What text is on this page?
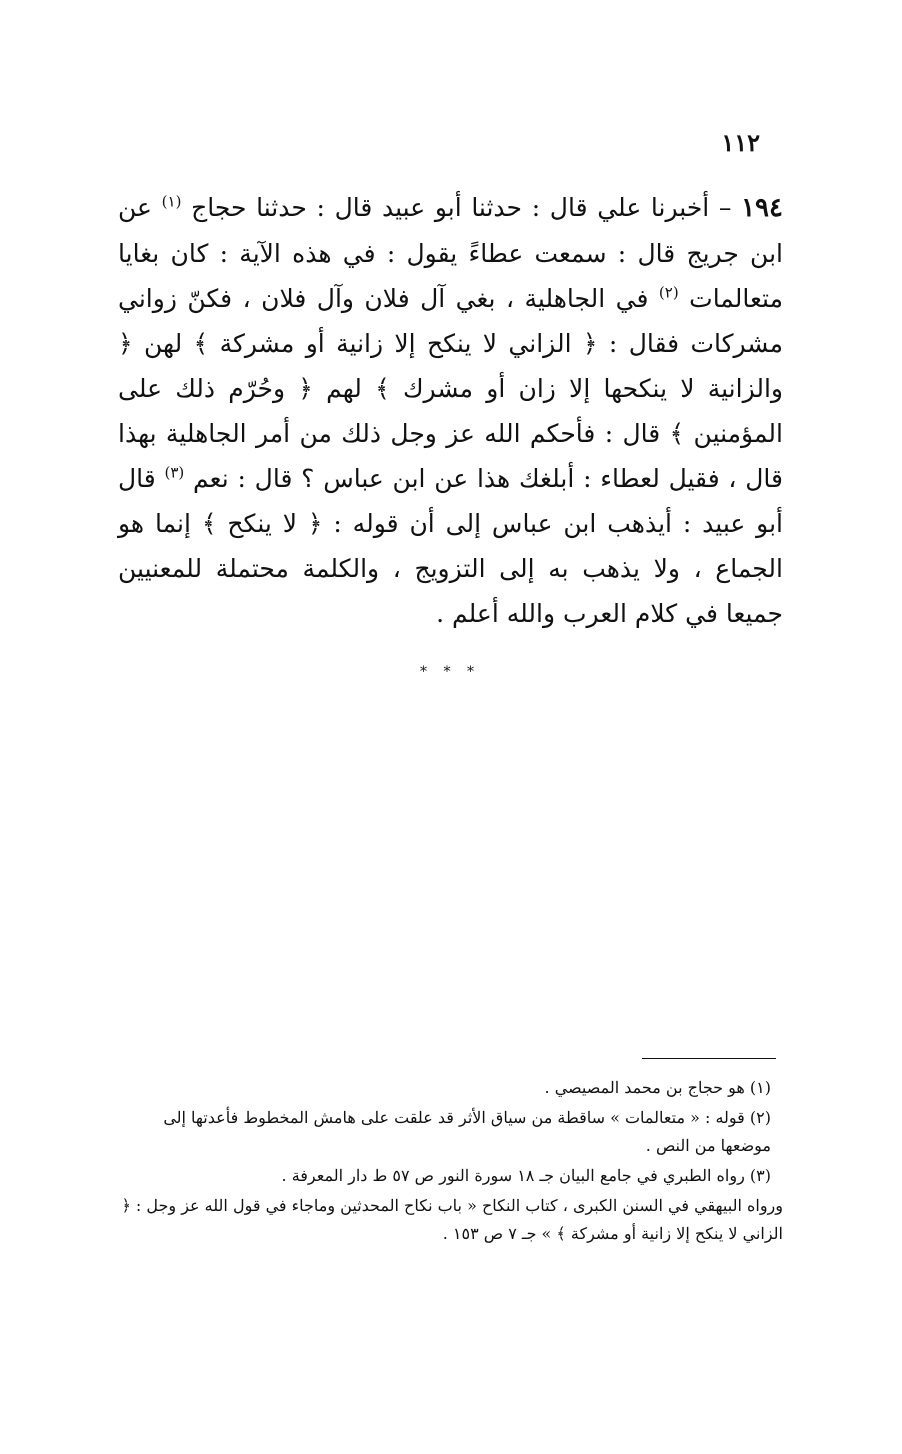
١١٢

١٩٤ – أخبرنا علي قال : حدثنا أبو عبيد قال : حدثنا حجاج $^{(١)}$ عن ابن جريج قال : سمعت عطاءً يقول : في هذه الآية : كان بغايا متعالمات $^{(٢)}$ في الجاهلية ، بغي آل فلان وآل فلان ، فكنّ زواني مشركات فقال : ﴿ الزاني لا ينكح إلا زانية أو مشركة ﴾ لهن ﴿ والزانية لا ينكحها إلا زان أو مشرك ﴾ لهم ﴿ وحُرّم ذلك على المؤمنين ﴾ قال : فأحكم الله عز وجل ذلك من أمر الجاهلية بهذا قال ، فقيل لعطاء : أبلغك هذا عن ابن عباس ؟ قال : نعم $^{(٣)}$ قال أبو عبيد : أيذهب ابن عباس إلى أن قوله : ﴿ لا ينكح ﴾ إنما هو الجماع ، ولا يذهب به إلى التزويج ، والكلمة محتملة للمعنيين جميعا في كلام العرب والله أعلم .

* * *

(١) هو حجاج بن محمد المصيصي .

(٢) قوله : « متعالمات » ساقطة من سياق الأثر قد علقت على هامش المخطوط فأعدتها إلى موضعها من النص .

(٣) رواه الطبري في جامع البيان جـ ١٨ سورة النور ص ٥٧ ط دار المعرفة .

ورواه البيهقي في السنن الكبرى ، كتاب النكاح « باب نكاح المحدثين وماجاء في قول الله عز وجل : ﴿ الزاني لا ينكح إلا زانية أو مشركة ﴾ » جـ ٧ ص ١٥٣ .
